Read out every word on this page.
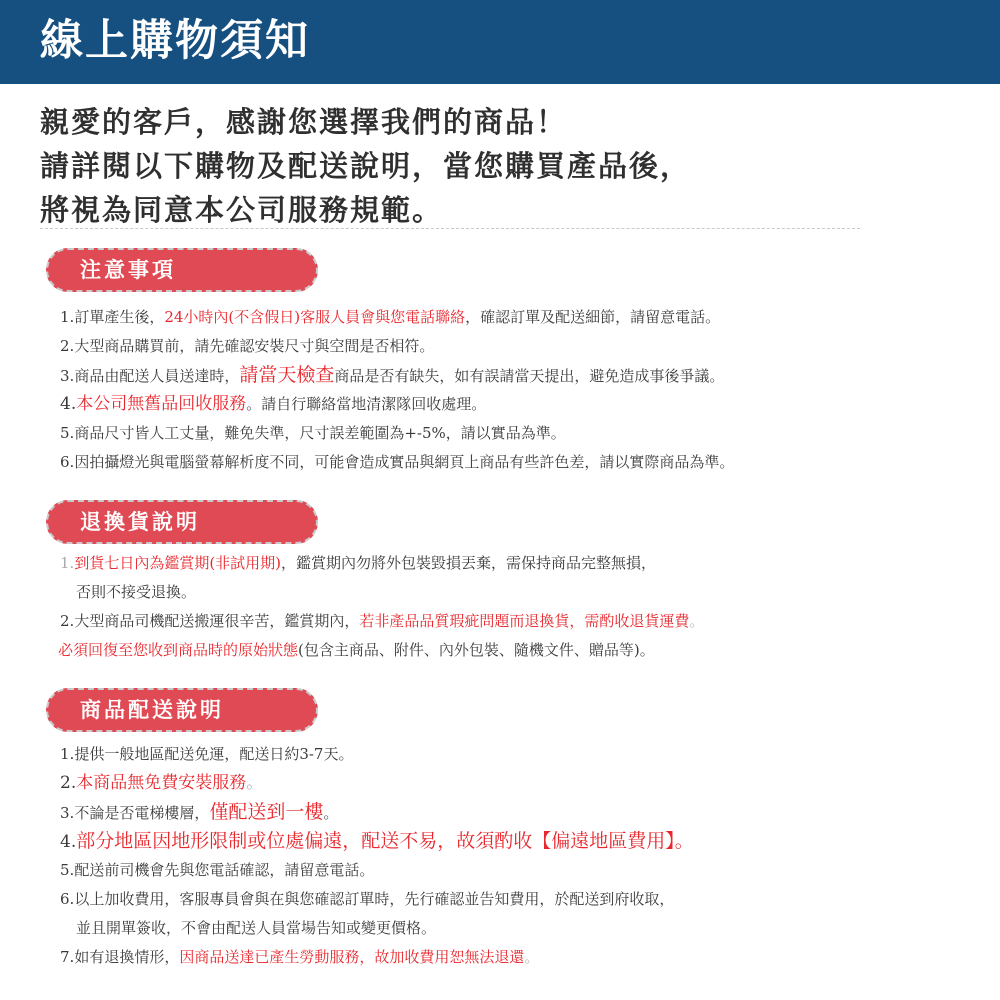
線上購物須知
親愛的客戶，感謝您選擇我們的商品！
請詳閱以下購物及配送說明，當您購買產品後，
將視為同意本公司服務規範。
注意事項
1.訂單產生後，24小時內(不含假日)客服人員會與您電話聯絡，確認訂單及配送細節，請留意電話。
2.大型商品購買前，請先確認安裝尺寸與空間是否相符。
3.商品由配送人員送達時，請當天檢查商品是否有缺失，如有誤請當天提出，避免造成事後爭議。
4.本公司無舊品回收服務。請自行聯絡當地清潔隊回收處理。
5.商品尺寸皆人工丈量，難免失準，尺寸誤差範圍為+-5%，請以實品為準。
6.因拍攝燈光與電腦螢幕解析度不同，可能會造成實品與網頁上商品有些許色差，請以實際商品為準。
退換貨說明
1.到貨七日內為鑑賞期(非試用期)，鑑賞期內勿將外包裝毀損丟棄，需保持商品完整無損，
否則不接受退換。
2.大型商品司機配送搬運很辛苦，鑑賞期內，若非產品品質瑕疵問題而退換貨，需酌收退貨運費。
必須回復至您收到商品時的原始狀態(包含主商品、附件、內外包裝、隨機文件、贈品等)。
商品配送說明
1.提供一般地區配送免運，配送日約3-7天。
2.本商品無免費安裝服務。
3.不論是否電梯樓層，僅配送到一樓。
4.部分地區因地形限制或位處偏遠，配送不易，故須酌收【偏遠地區費用】。
5.配送前司機會先與您電話確認，請留意電話。
6.以上加收費用，客服專員會與在與您確認訂單時，先行確認並告知費用，於配送到府收取，
並且開單簽收，不會由配送人員當場告知或變更價格。
7.如有退換情形，因商品送達已產生勞動服務，故加收費用恕無法退還。
